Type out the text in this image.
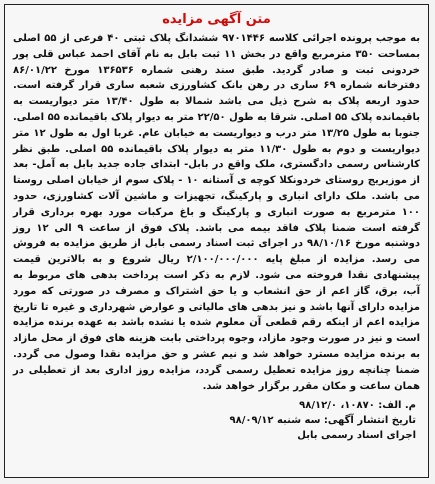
متن آگهی مزایده
به موجب پرونده اجرائی کلاسه ۹۷۰۱۴۴۶ ششدانگ پلاک ثبتی ۴۰ فرعی از ۵۵ اصلی بمساحت ۳۵۰ مترمربع واقع در بخش ۱۱ ثبت بابل به نام آقای احمد عباس قلی پور خردونی ثبت و صادر گردید. طبق سند رهنی شماره ۱۳۶۵۳۶ مورخ ۸۶/۰۱/۲۲ دفترخانه شماره ۶۹ ساری در رهن بانک کشاورزی شعبه ساری قرار گرفته است. حدود اربعه پلاک به شرح ذیل می باشد شمالا به طول ۱۳/۴۰ متر دیواریست به باقیمانده پلاک ۵۵ اصلی. شرقا به طول ۲۲/۵۰ متر به دیوار پلاک باقیمانده ۵۵ اصلی. جنوبا به طول ۱۳/۲۵ متر درب و دیواریست به خیابان عام. غربا اول به طول ۱۲ متر دیواریست و دوم به طول ۱۱/۳۰ متر به دیوار پلاک باقیمانده ۵۵ اصلی. طبق نظر کارشناس رسمی دادگستری، ملک واقع در بابل- ابتدای جاده جدید بابل به آمل- بعد از موزیریج روستای خردونکلا کوچه ی آستانه ۱۰ - پلاک سوم از خیابان اصلی روستا می باشد. ملک دارای انباری و پارکینگ، تجهیزات و ماشین آلات کشاورزی، حدود ۱۰۰ مترمربع به صورت انباری و پارکینگ و باغ مرکبات مورد بهره برداری قرار گرفته است ضمنا پلاک فاقد بیمه می باشد. پلاک فوق از ساعت ۹ الی ۱۲ روز دوشنبه مورخ ۹۸/۱۰/۱۶ در اجرای ثبت اسناد رسمی بابل از طریق مزایده به فروش می رسد. مزایده از مبلغ پایه ۲/۱۰۰/۰۰۰/۰۰۰ ریال شروع و به بالاترین قیمت پیشنهادی نقدا فروخته می شود. لازم به ذکر است پرداخت بدهی های مربوط به آب، برق، گاز اعم از حق انشعاب و یا حق اشتراک و مصرف در صورتی که مورد مزایده دارای آنها باشد و نیز بدهی های مالیاتی و عوارض شهرداری و غیره تا تاریخ مزایده اعم از اینکه رقم قطعی آن معلوم شده یا نشده باشد به عهده برنده مزایده است و نیز در صورت وجود مازاد، وجوه پرداختی بابت هزینه های فوق از محل مازاد به برنده مزایده مسترد خواهد شد و نیم عشر و حق مزایده نقدا وصول می گردد. ضمنا چنانچه روز مزایده تعطیل رسمی گردد، مزایده روز اداری بعد از تعطیلی در همان ساعت و مکان مقرر برگزار خواهد شد.
م. الف: ۱۰۸۷۰، ۹۸/۱۲/۰
تاریخ انتشار آگهی: سه شنبه ۹۸/۰۹/۱۲
اجرای اسناد رسمی بابل
